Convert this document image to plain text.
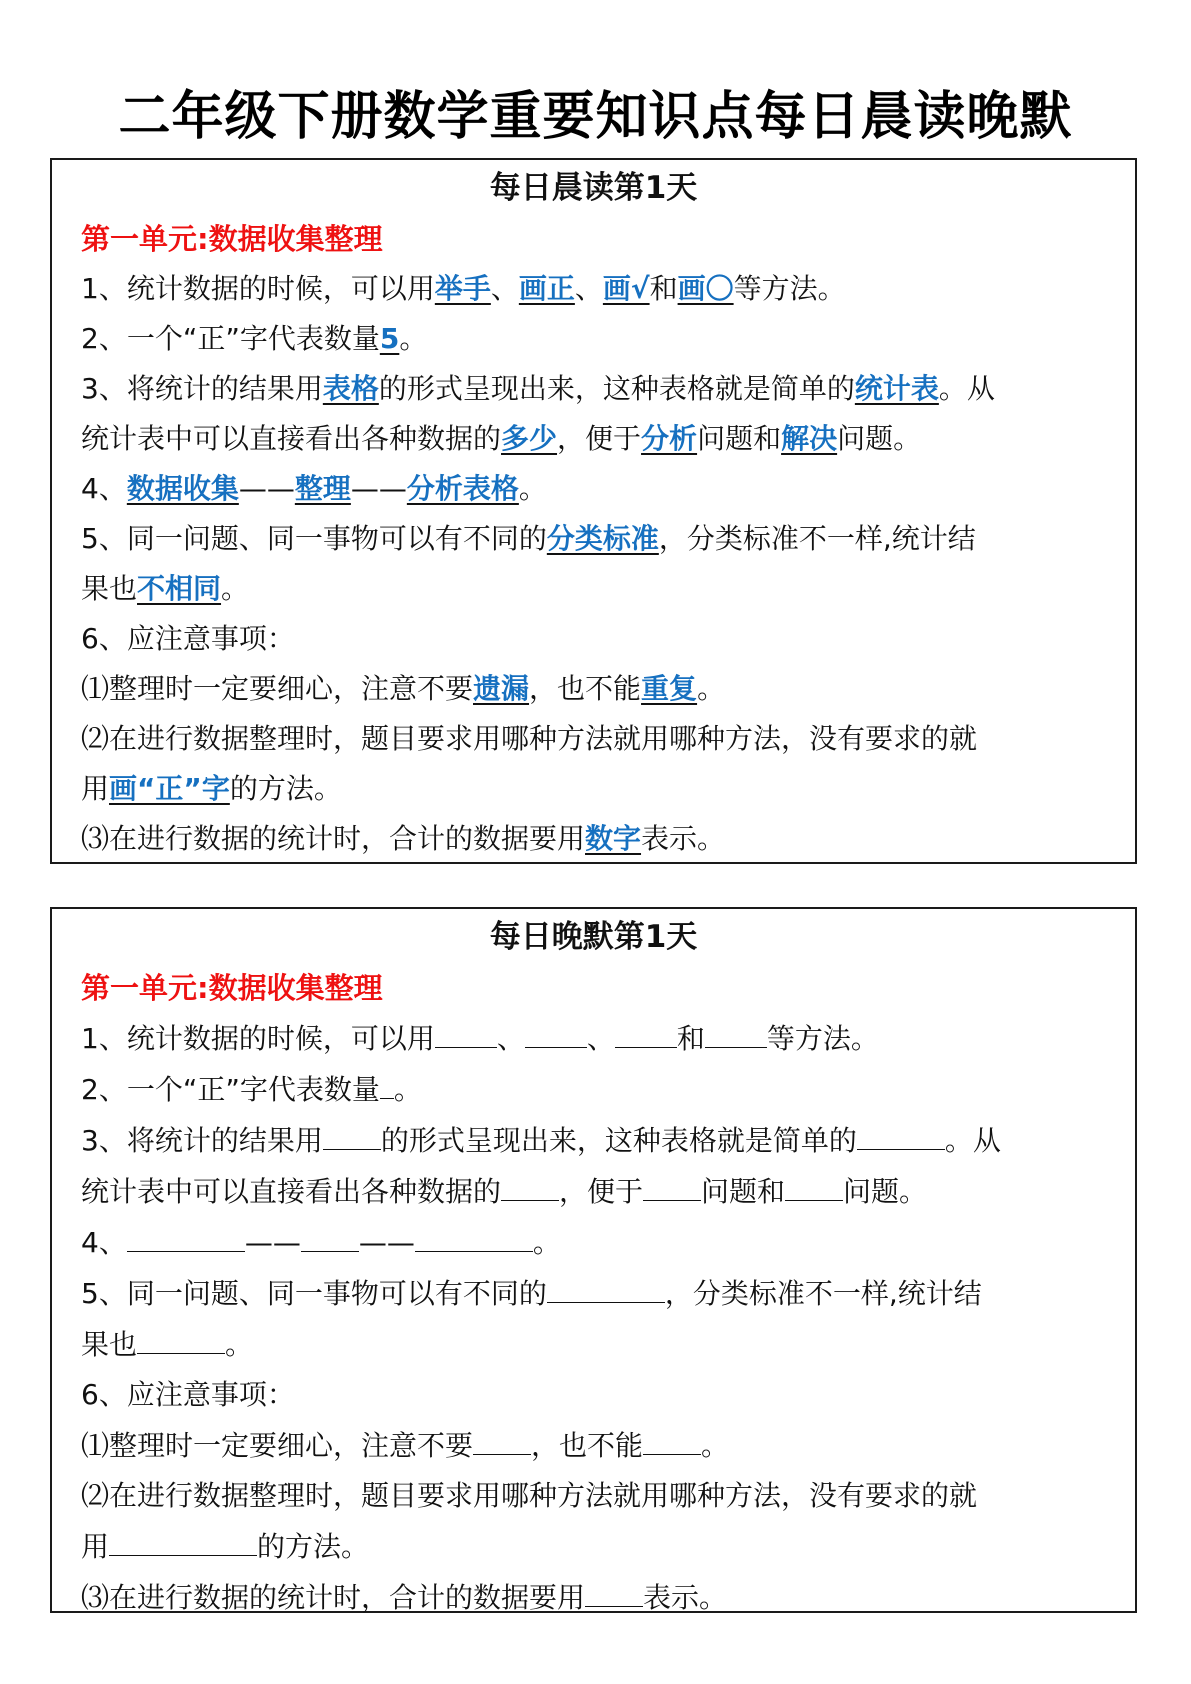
二年级下册数学重要知识点每日晨读晚默
每日晨读第1天
第一单元:数据收集整理
1、统计数据的时候，可以用举手、画正、画√和画〇等方法。
2、一个“正”字代表数量5。
3、将统计的结果用表格的形式呈现出来，这种表格就是简单的统计表。从
统计表中可以直接看出各种数据的多少，便于分析问题和解决问题。
4、数据收集——整理——分析表格。
5、同一问题、同一事物可以有不同的分类标准，分类标准不一样,统计结
果也不相同。
6、应注意事项：
⑴整理时一定要细心，注意不要遗漏，也不能重复。
⑵在进行数据整理时，题目要求用哪种方法就用哪种方法，没有要求的就
用画“正”字的方法。
⑶在进行数据的统计时，合计的数据要用数字表示。
每日晚默第1天
第一单元:数据收集整理
1、统计数据的时候，可以用 、 、 和 等方法。
2、一个“正”字代表数量 。
3、将统计的结果用 的形式呈现出来，这种表格就是简单的	。从
统计表中可以直接看出各种数据的 ，便于 问题和 问题。
4、	—— ——	。
5、同一问题、同一事物可以有不同的	，分类标准不一样,统计结
果也	。
6、应注意事项：
⑴整理时一定要细心，注意不要 ，也不能 。
⑵在进行数据整理时，题目要求用哪种方法就用哪种方法，没有要求的就
用	的方法。
⑶在进行数据的统计时，合计的数据要用 表示。
